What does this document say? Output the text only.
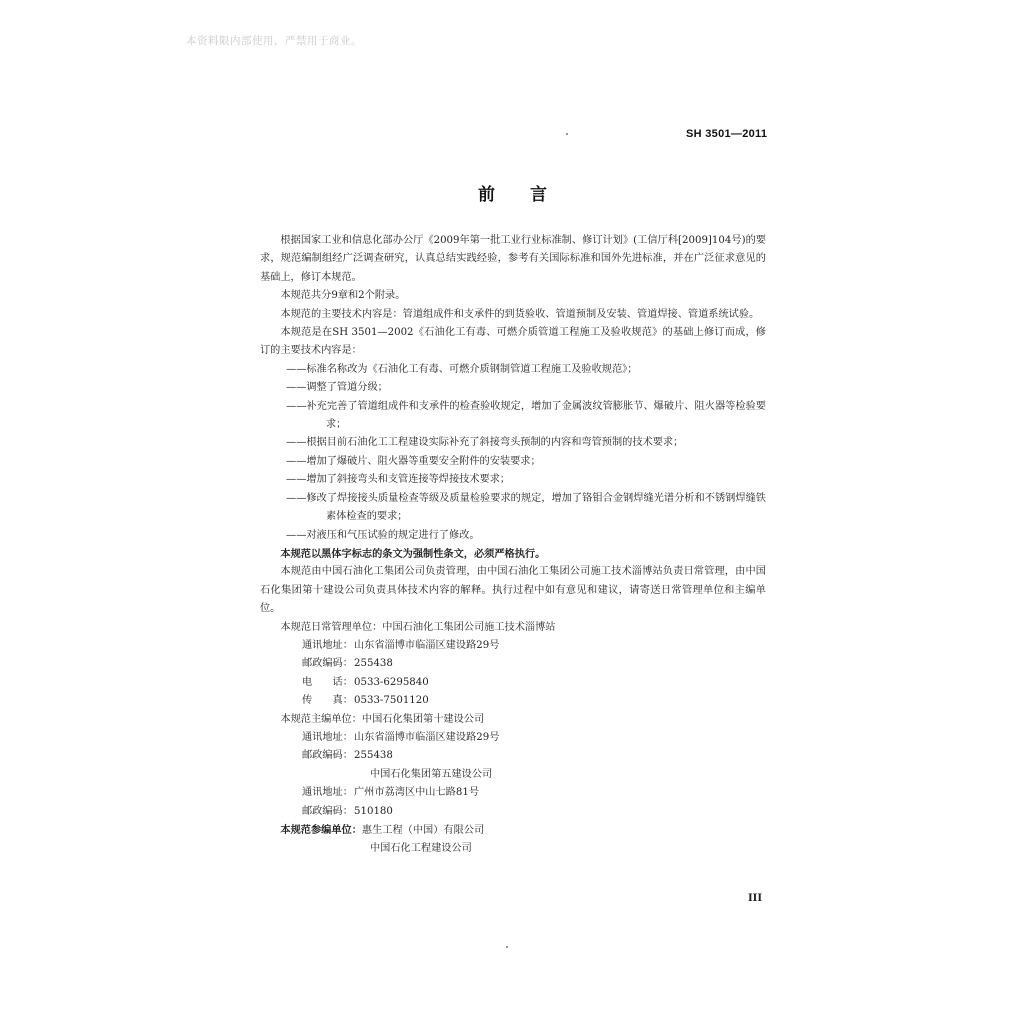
本资料限内部使用，严禁用于商业。
SH 3501—2011
前 言

根据国家工业和信息化部办公厅《2009年第一批工业行业标准制、修订计划》(工信厅科[2009]104号)的要求，规范编制组经广泛调查研究，认真总结实践经验，参考有关国际标准和国外先进标准，并在广泛征求意见的基础上，修订本规范。

本规范共分9章和2个附录。

本规范的主要技术内容是：管道组成件和支承件的到货验收、管道预制及安装、管道焊接、管道系统试验。

本规范是在SH 3501—2002《石油化工有毒、可燃介质管道工程施工及验收规范》的基础上修订而成，修订的主要技术内容是：

——标准名称改为《石油化工有毒、可燃介质钢制管道工程施工及验收规范》；

——调整了管道分级；

——补充完善了管道组成件和支承件的检查验收规定，增加了金属波纹管膨胀节、爆破片、阻火器等检验要求；

——根据目前石油化工工程建设实际补充了斜接弯头预制的内容和弯管预制的技术要求；

——增加了爆破片、阻火器等重要安全附件的安装要求；

——增加了斜接弯头和支管连接等焊接技术要求；

——修改了焊接接头质量检查等级及质量检验要求的规定，增加了铬钼合金钢焊缝光谱分析和不锈钢焊缝铁素体检查的要求；

——对液压和气压试验的规定进行了修改。

本规范以黑体字标志的条文为强制性条文，必须严格执行。

本规范由中国石油化工集团公司负责管理，由中国石油化工集团公司施工技术淄博站负责日常管理，由中国石化集团第十建设公司负责具体技术内容的解释。执行过程中如有意见和建议，请寄送日常管理单位和主编单位。

本规范日常管理单位：中国石油化工集团公司施工技术淄博站

通讯地址： 山东省淄博市临淄区建设路29号
邮政编码： 255438
电　　话： 0533-6295840
传　　真： 0533-7501120

本规范主编单位：中国石化集团第十建设公司

通讯地址： 山东省淄博市临淄区建设路29号
邮政编码： 255438

中国石化集团第五建设公司

通讯地址： 广州市荔湾区中山七路81号
邮政编码： 510180

本规范参编单位：惠生工程（中国）有限公司

中国石化工程建设公司

III
